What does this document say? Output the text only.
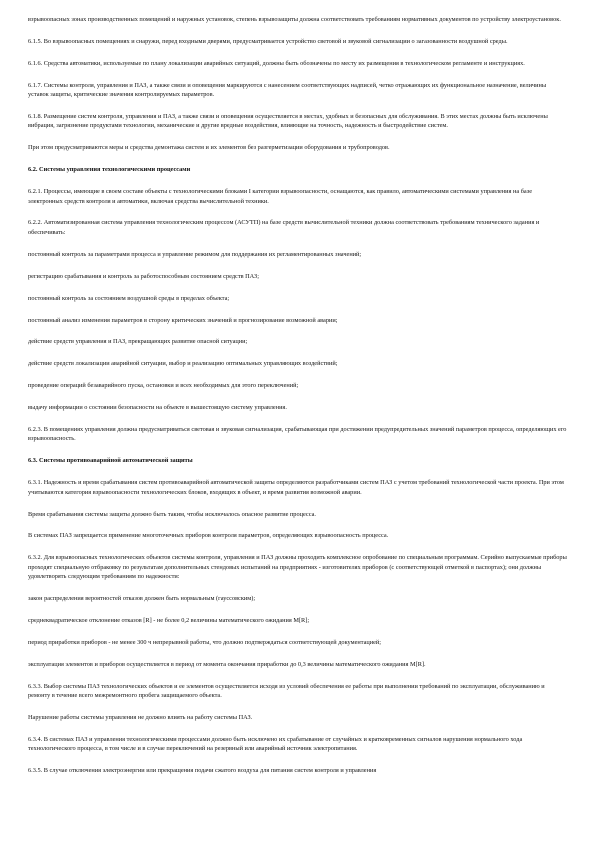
взрывоопасных зонах производственных помещений и наружных установок, степень взрывозащиты должна соответствовать требованиям нормативных документов по устройству электроустановок.

6.1.5. Во взрывоопасных помещениях и снаружи, перед входными дверями, предусматривается устройство световой и звуковой сигнализации о загазованности воздушной среды.

6.1.6. Средства автоматики, используемые по плану локализации аварийных ситуаций, должны быть обозначены по месту их размещения в технологическом регламенте и инструкциях.

6.1.7. Системы контроля, управления и ПАЗ, а также связи и оповещения маркируются с нанесением соответствующих надписей, четко отражающих их функциональное назначение, величины уставок защиты, критические значения контролируемых параметров.

6.1.8. Размещение систем контроля, управления и ПАЗ, а также связи и оповещения осуществляется в местах, удобных и безопасных для обслуживания. В этих местах должны быть исключены вибрация, загрязнение продуктами технологии, механические и другие вредные воздействия, влияющие на точность, надежность и быстродействие систем.

При этом предусматриваются меры и средства демонтажа систем и их элементов без разгерметизации оборудования и трубопроводов.

6.2. Системы управления технологическими процессами

6.2.1. Процессы, имеющие в своем составе объекты с технологическими блоками I категории взрывоопасности, оснащаются, как правило, автоматическими системами управления на базе электронных средств контроля и автоматики, включая средства вычислительной техники.

6.2.2. Автоматизированная система управления технологическим процессом (АСУТП) на базе средств вычислительной техники должна соответствовать требованиям технического задания и обеспечивать:

постоянный контроль за параметрами процесса и управление режимом для поддержания их регламентированных значений;

регистрацию срабатывания и контроль за работоспособным состоянием средств ПАЗ;

постоянный контроль за состоянием воздушной среды в пределах объекта;

постоянный анализ изменения параметров в сторону критических значений и прогнозирование возможной аварии;

действие средств управления и ПАЗ, прекращающих развитие опасной ситуации;

действие средств локализации аварийной ситуации, выбор и реализацию оптимальных управляющих воздействий;

проведение операций безаварийного пуска, остановки и всех необходимых для этого переключений;

выдачу информации о состоянии безопасности на объекте в вышестоящую систему управления.

6.2.3. В помещениях управления должна предусматриваться световая и звуковая сигнализация, срабатывающая при достижении предупредительных значений параметров процесса, определяющих его взрывоопасность.

6.3. Системы противоаварийной автоматической защиты

6.3.1. Надежность и время срабатывания систем противоаварийной автоматической защиты определяются разработчиками систем ПАЗ с учетом требований технологической части проекта. При этом учитываются категория взрывоопасности технологических блоков, входящих в объект, и время развития возможной аварии.

Время срабатывания системы защиты должно быть таким, чтобы исключалось опасное развитие процесса.

В системах ПАЗ запрещается применение многоточечных приборов контроля параметров, определяющих взрывоопасность процесса.

6.3.2. Для взрывоопасных технологических объектов системы контроля, управления и ПАЗ должны проходить комплексное опробование по специальным программам. Серийно выпускаемые приборы проходят специальную отбраковку по результатам дополнительных стендовых испытаний на предприятиях - изготовителях приборов (с соответствующей отметкой в паспортах); они должны удовлетворять следующим требованиям по надежности:

закон распределения вероятностей отказов должен быть нормальным (гауссовским);

среднеквадратическое отклонение отказов [R] - не более 0,2 величины математического ожидания M[R];

период приработки приборов - не менее 300 ч непрерывной работы, что должно подтверждаться соответствующей документацией;

эксплуатация элементов и приборов осуществляется в период от момента окончания приработки до 0,3 величины математического ожидания M[R].

6.3.3. Выбор системы ПАЗ технологических объектов и ее элементов осуществляется исходя из условий обеспечения ее работы при выполнении требований по эксплуатации, обслуживанию и ремонту в течение всего межремонтного пробега защищаемого объекта.

Нарушение работы системы управления не должно влиять на работу системы ПАЗ.

6.3.4. В системах ПАЗ и управления технологическими процессами должно быть исключено их срабатывание от случайных и кратковременных сигналов нарушения нормального хода технологического процесса, в том числе и в случае переключений на резервный или аварийный источник электропитания.

6.3.5. В случае отключения электроэнергии или прекращения подачи сжатого воздуха для питания систем контроля и управления
